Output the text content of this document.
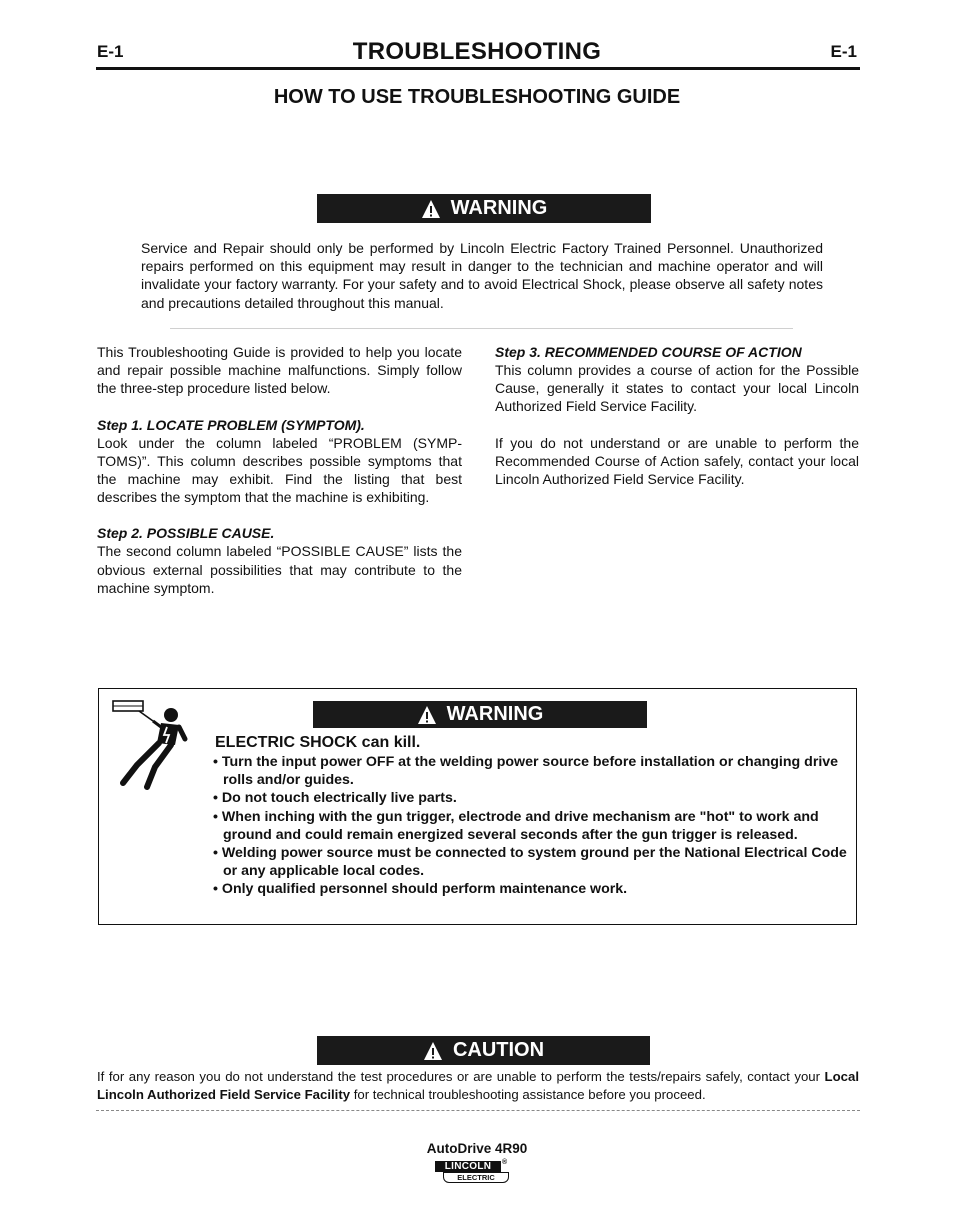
E-1	E-1
TROUBLESHOOTING
HOW TO USE TROUBLESHOOTING GUIDE
WARNING
Service and Repair should only be performed by Lincoln Electric Factory Trained Personnel. Unauthorized repairs performed on this equipment may result in danger to the technician and machine operator and will invalidate your factory warranty. For your safety and to avoid Electrical Shock, please observe all safety notes and precautions detailed throughout this manual.

This Troubleshooting Guide is provided to help you locate and repair possible machine malfunctions. Simply follow the three-step procedure listed below.

Step 1. LOCATE PROBLEM (SYMPTOM).

Look under the column labeled “PROBLEM (SYMP-TOMS)”. This column describes possible symptoms that the machine may exhibit. Find the listing that best describes the symptom that the machine is exhibiting.

Step 2. POSSIBLE CAUSE.

The second column labeled “POSSIBLE CAUSE” lists the obvious external possibilities that may contribute to the machine symptom.

Step 3. RECOMMENDED COURSE OF ACTION

This column provides a course of action for the Possible Cause, generally it states to contact your local Lincoln Authorized Field Service Facility.

If you do not understand or are unable to perform the Recommended Course of Action safely, contact your local Lincoln Authorized Field Service Facility.

WARNING
ELECTRIC SHOCK can kill.
• Turn the input power OFF at the welding power source before installation or changing drive rolls and/or guides.
• Do not touch electrically live parts.
• When inching with the gun trigger, electrode and drive mechanism are "hot" to work and ground and could remain energized several seconds after the gun trigger is released.
• Welding power source must be connected to system ground per the National Electrical Code or any applicable local codes.
• Only qualified personnel should perform maintenance work.
CAUTION
If for any reason you do not understand the test procedures or are unable to perform the tests/repairs safely, contact your Local Lincoln Authorized Field Service Facility for technical troubleshooting assistance before you proceed.
AutoDrive 4R90
LINCOLN	®
ELECTRIC
